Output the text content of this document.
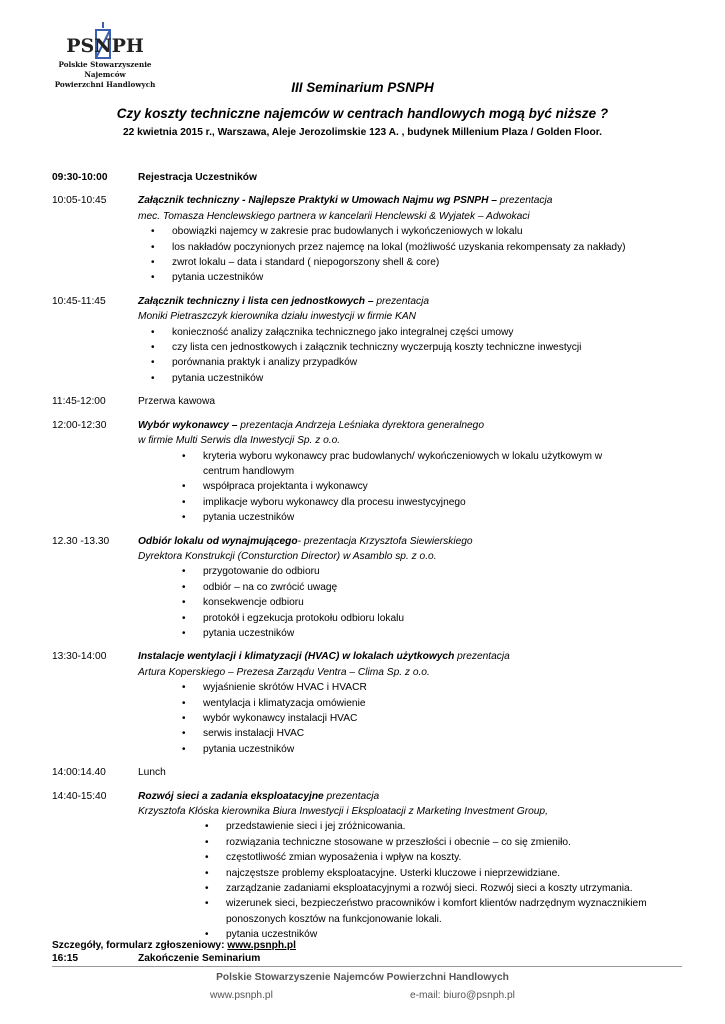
PSNPH
Polskie Stowarzyszenie
Najemców
Powierzchni Handlowych	III Seminarium PSNPH
Czy koszty techniczne najemców w centrach handlowych mogą być niższe ?
22 kwietnia 2015 r., Warszawa, Aleje Jerozolimskie 123 A. , budynek Millenium Plaza / Golden Floor.
09:30-10:00	Rejestracja Uczestników
10:05-10:45	Załącznik techniczny - Najlepsze Praktyki w Umowach Najmu wg PSNPH – prezentacja
mec. Tomasza Henclewskiego partnera w kancelarii Henclewski & Wyjatek – Adwokaci
• obowiązki najemcy w zakresie prac budowlanych i wykończeniowych w lokalu
• los nakładów poczynionych przez najemcę na lokal (możliwość uzyskania rekompensaty za nakłady)
• zwrot lokalu – data i standard ( niepogorszony shell & core)
• pytania uczestników
10:45-11:45	Załącznik techniczny i lista cen jednostkowych – prezentacja
Moniki Pietraszczyk kierownika działu inwestycji w firmie KAN
• konieczność analizy załącznika technicznego jako integralnej części umowy
• czy lista cen jednostkowych i załącznik techniczny wyczerpują koszty techniczne inwestycji
• porównania praktyk i analizy przypadków
• pytania uczestników
11:45-12:00	Przerwa kawowa
12:00-12:30	Wybór wykonawcy – prezentacja Andrzeja Leśniaka dyrektora generalnego
w firmie Multi Serwis dla Inwestycji Sp. z o.o.
• kryteria wyboru wykonawcy prac budowlanych/ wykończeniowych w lokalu użytkowym w centrum handlowym
• współpraca projektanta i wykonawcy
• implikacje wyboru wykonawcy dla procesu inwestycyjnego
• pytania uczestników
12.30 -13.30	Odbiór lokalu od wynajmującego- prezentacja Krzysztofa Siewierskiego
Dyrektora Konstrukcji (Consturction Director) w Asamblo sp. z o.o.
• przygotowanie do odbioru
• odbiór – na co zwrócić uwagę
• konsekwencje odbioru
• protokół i egzekucja protokołu odbioru lokalu
• pytania uczestników
13:30-14:00	Instalacje wentylacji i klimatyzacji (HVAC) w lokalach użytkowych prezentacja
Artura Koperskiego – Prezesa Zarządu Ventra – Clima Sp. z o.o.
• wyjaśnienie skrótów HVAC i HVACR
• wentylacja i klimatyzacja omówienie
• wybór wykonawcy instalacji HVAC
• serwis instalacji HVAC
• pytania uczestników
14:00:14.40	Lunch
14:40-15:40	Rozwój sieci a zadania eksploatacyjne prezentacja
Krzysztofa Kłóska kierownika Biura Inwestycji i Eksploatacji z Marketing Investment Group,
• przedstawienie sieci i jej zróżnicowania.
• rozwiązania techniczne stosowane w przeszłości i obecnie – co się zmieniło.
• częstotliwość zmian wyposażenia i wpływ na koszty.
• najczęstsze problemy eksploatacyjne. Usterki kluczowe i nieprzewidziane.
• zarządzanie zadaniami eksploatacyjnymi a rozwój sieci. Rozwój sieci a koszty utrzymania.
• wizerunek sieci, bezpieczeństwo pracowników i komfort klientów nadrzędnym wyznacznikiem ponoszonych kosztów na funkcjonowanie lokali.
• pytania uczestników
16:15	Zakończenie Seminarium
Szczegóły, formularz zgłoszeniowy: www.psnph.pl
Polskie Stowarzyszenie Najemców Powierzchni Handlowych
www.psnph.pl	e-mail: biuro@psnph.pl
